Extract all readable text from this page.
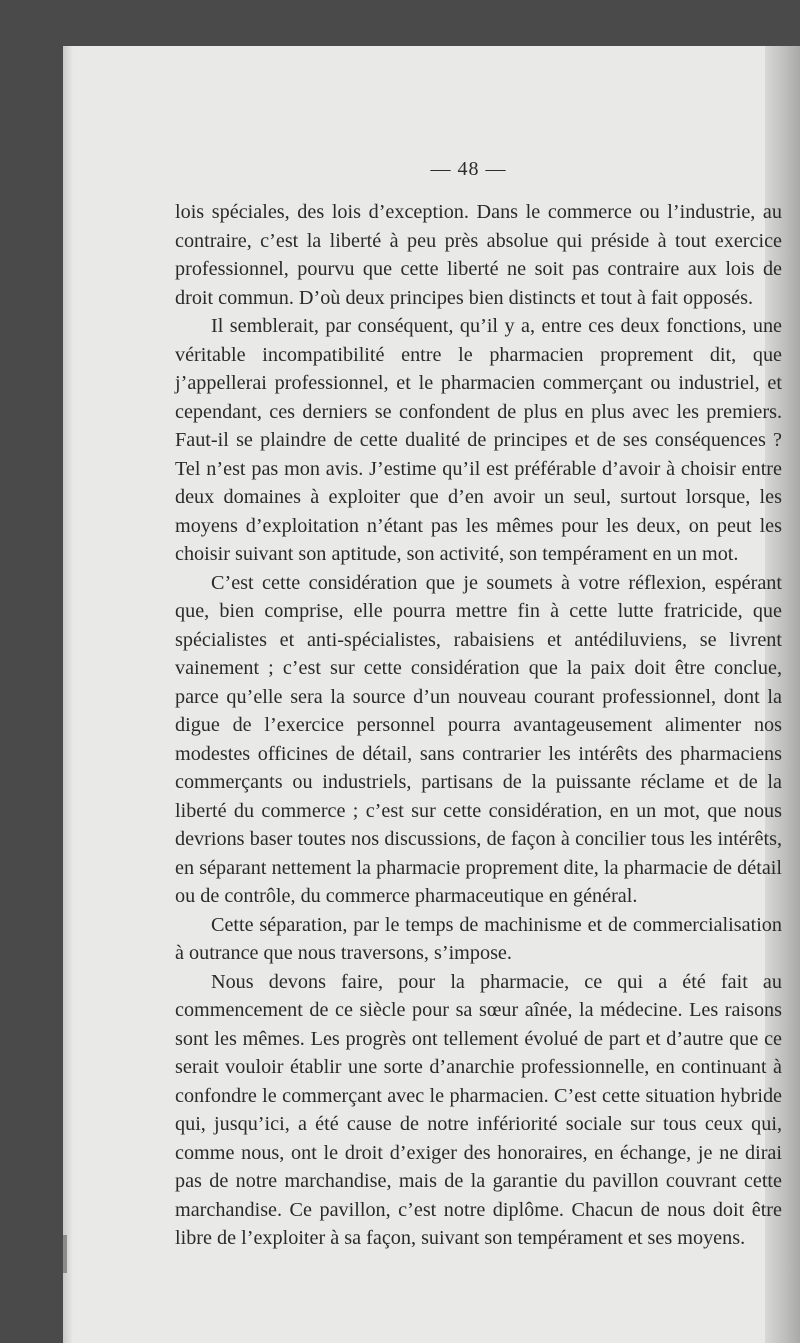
— 48 —

lois spéciales, des lois d’exception. Dans le commerce ou l’industrie, au contraire, c’est la liberté à peu près absolue qui préside à tout exercice professionnel, pourvu que cette liberté ne soit pas contraire aux lois de droit commun. D’où deux principes bien distincts et tout à fait opposés.

Il semblerait, par conséquent, qu’il y a, entre ces deux fonctions, une véritable incompatibilité entre le pharmacien proprement dit, que j’appellerai professionnel, et le pharmacien commerçant ou industriel, et cependant, ces derniers se confondent de plus en plus avec les premiers. Faut-il se plaindre de cette dualité de principes et de ses conséquences ? Tel n’est pas mon avis. J’estime qu’il est préférable d’avoir à choisir entre deux domaines à exploiter que d’en avoir un seul, surtout lorsque, les moyens d’exploitation n’étant pas les mêmes pour les deux, on peut les choisir suivant son aptitude, son activité, son tempérament en un mot.

C’est cette considération que je soumets à votre réflexion, espérant que, bien comprise, elle pourra mettre fin à cette lutte fratricide, que spécialistes et anti-spécialistes, rabaisiens et antédiluviens, se livrent vainement ; c’est sur cette considération que la paix doit être conclue, parce qu’elle sera la source d’un nouveau courant professionnel, dont la digue de l’exercice personnel pourra avantageusement alimenter nos modestes officines de détail, sans contrarier les intérêts des pharmaciens commerçants ou industriels, partisans de la puissante réclame et de la liberté du commerce ; c’est sur cette considération, en un mot, que nous devrions baser toutes nos discussions, de façon à concilier tous les intérêts, en séparant nettement la pharmacie proprement dite, la pharmacie de détail ou de contrôle, du commerce pharmaceutique en général.

Cette séparation, par le temps de machinisme et de commercialisation à outrance que nous traversons, s’impose.

Nous devons faire, pour la pharmacie, ce qui a été fait au commencement de ce siècle pour sa sœur aînée, la médecine. Les raisons sont les mêmes. Les progrès ont tellement évolué de part et d’autre que ce serait vouloir établir une sorte d’anarchie professionnelle, en continuant à confondre le commerçant avec le pharmacien. C’est cette situation hybride qui, jusqu’ici, a été cause de notre infériorité sociale sur tous ceux qui, comme nous, ont le droit d’exiger des honoraires, en échange, je ne dirai pas de notre marchandise, mais de la garantie du pavillon couvrant cette marchandise. Ce pavillon, c’est notre diplôme. Chacun de nous doit être libre de l’exploiter à sa façon, suivant son tempérament et ses moyens.
